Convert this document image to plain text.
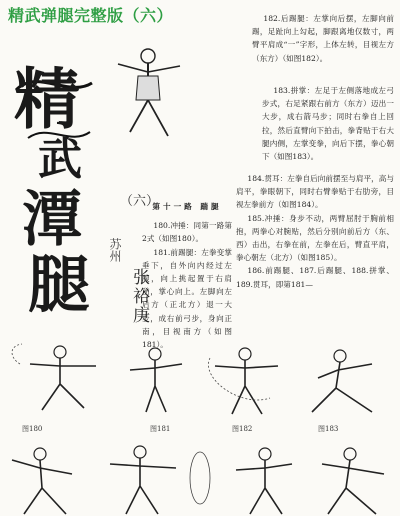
精武弹腿完整版（六）
精
武
潭
腿
（六）
苏州
张裕庚

182.后踢腿：左掌向后摆，左脚向前踢，足趾向上勾起，脚跟离地仅数寸，两臂平肩成“一”字形，上体左转，目视左方（东方）（如图182）。

183.拼掌：左足于左侧落地成左弓步式，右足紧跟右前方（东方）迈出一大步，成右箭马步；同时右拳自上回拉，然后直臂向下拍击，拳背贴于右大腿内侧，左掌变拳，向后下摆，拳心朝下（如图183）。

184.贯耳：左拳自后向前摆至与肩平，高与肩平，拳眼朝下，同时右臂拳贴于右肋旁，目视左拳前方（如图184）。

185.冲捶：身步不动，两臂屈肘于胸前相抱，两拳心对腕贴，然后分别向前后方（东、西）击出，右拳在前，左拳在后，臂直平肩，拳心朝左（北方）（如图185）。

186.前踢腿、187.后踢腿、188.拼掌、189.贯耳，即第181—

第十一路 踹腿

180.冲捶：同第一路第2式（如图180）。

181.前踢腿：左拳变掌垂下，自外向内经过左腹，向上挑起置于右肩前，掌心向上。左脚向左后方（正北方）退一大步，成右前弓步，身向正南，目视南方（如图181）。

图180	图181	图182	图183
